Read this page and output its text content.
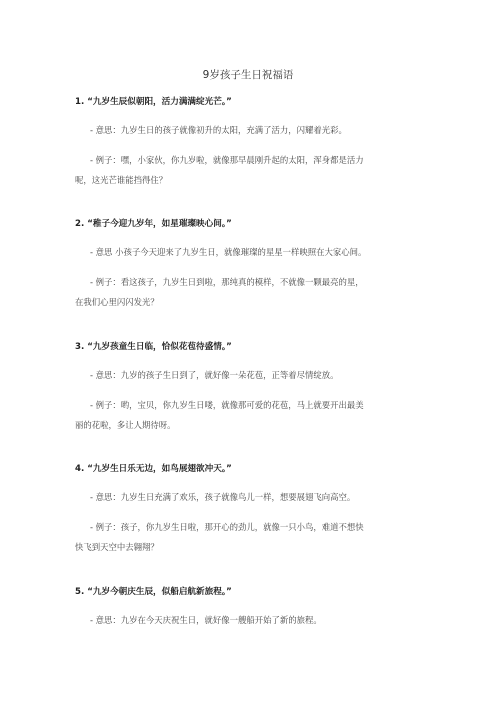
9岁孩子生日祝福语
1. “九岁生辰似朝阳，活力满满绽光芒。”
- 意思：九岁生日的孩子就像初升的太阳，充满了活力，闪耀着光彩。
- 例子：嘿，小家伙，你九岁啦，就像那早晨刚升起的太阳，浑身都是活力
呢，这光芒谁能挡得住？
2. “稚子今迎九岁年，如星璀璨映心间。”
- 意思 小孩子今天迎来了九岁生日，就像璀璨的星星一样映照在大家心间。
- 例子：看这孩子，九岁生日到啦，那纯真的模样，不就像一颗最亮的星，
在我们心里闪闪发光？
3. “九岁孩童生日临，恰似花苞待盛情。”
- 意思：九岁的孩子生日到了，就好像一朵花苞，正等着尽情绽放。
- 例子：哟，宝贝，你九岁生日喽，就像那可爱的花苞，马上就要开出最美
丽的花啦，多让人期待呀。
4. “九岁生日乐无边，如鸟展翅欲冲天。”
- 意思：九岁生日充满了欢乐，孩子就像鸟儿一样，想要展翅飞向高空。
- 例子：孩子，你九岁生日啦，那开心的劲儿，就像一只小鸟，难道不想快
快飞到天空中去翱翔？
5. “九岁今朝庆生辰，似船启航新旅程。”
- 意思：九岁在今天庆祝生日，就好像一艘船开始了新的旅程。
